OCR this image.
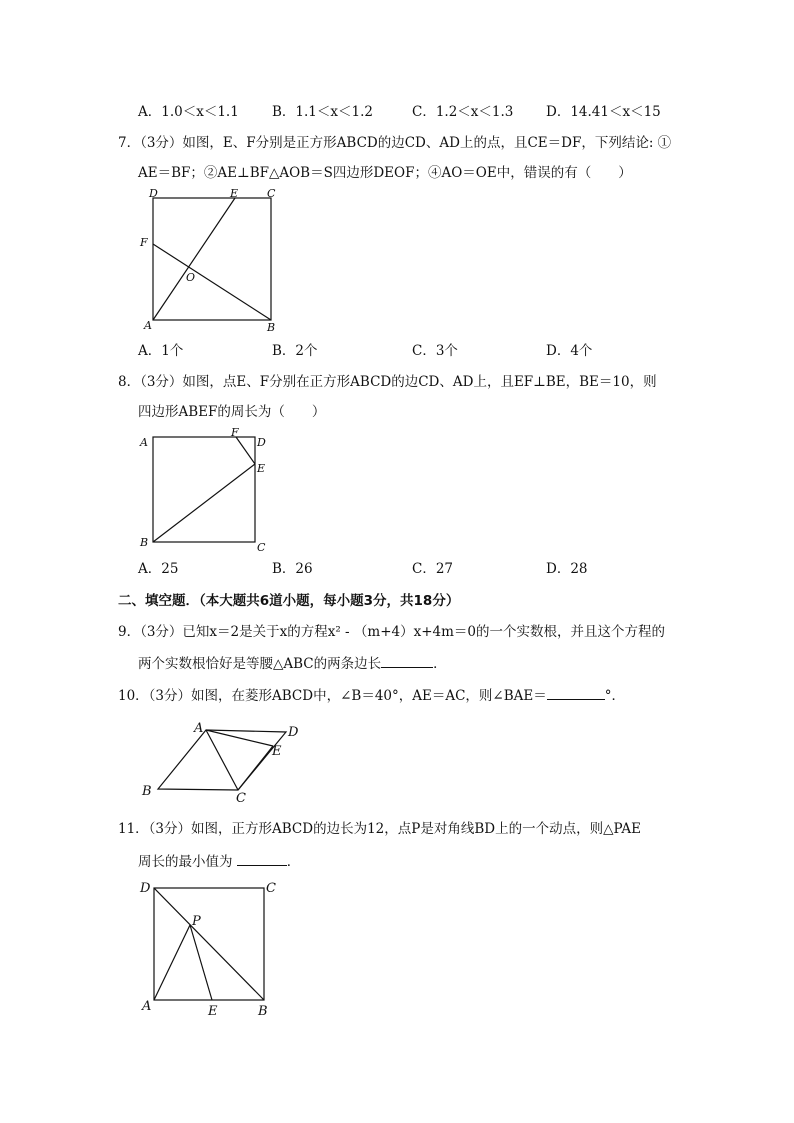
A．1.0＜x＜1.1 B．1.1＜x＜1.2	C．1.2＜x＜1.3 D．14.41＜x＜15
7．（3分）如图，E、F分别是正方形ABCD的边CD、AD上的点，且CE＝DF，下列结论: ①
AE＝BF；②AE⊥BF△AOB＝S四边形DEOF；④AO＝OE中，错误的有（　　）
D	E	C
F
O
A	B
A．1个	B．2个	C．3个	D．4个
8．（3分）如图，点E、F分别在正方形ABCD的边CD、AD上，且EF⊥BE，BE＝10，则
四边形ABEF的周长为（　　）
A
F
D
E
B	C
A．25	B．26	C．27	D．28
二、填空题．（本大题共6道小题，每小题3分，共18分）
9．（3分）已知x＝2是关于x的方程x² - （m+4）x+4m＝0的一个实数根，并且这个方程的
两个实数根恰好是等腰△ABC的两条边长	．
10．（3分）如图，在菱形ABCD中，∠B＝40°，AE＝AC，则∠BAE＝	°．
A	D
E
B	C
11．（3分）如图，正方形ABCD的边长为12，点P是对角线BD上的一个动点，则△PAE
周长的最小值为	．
D	C
P
A	E	B
